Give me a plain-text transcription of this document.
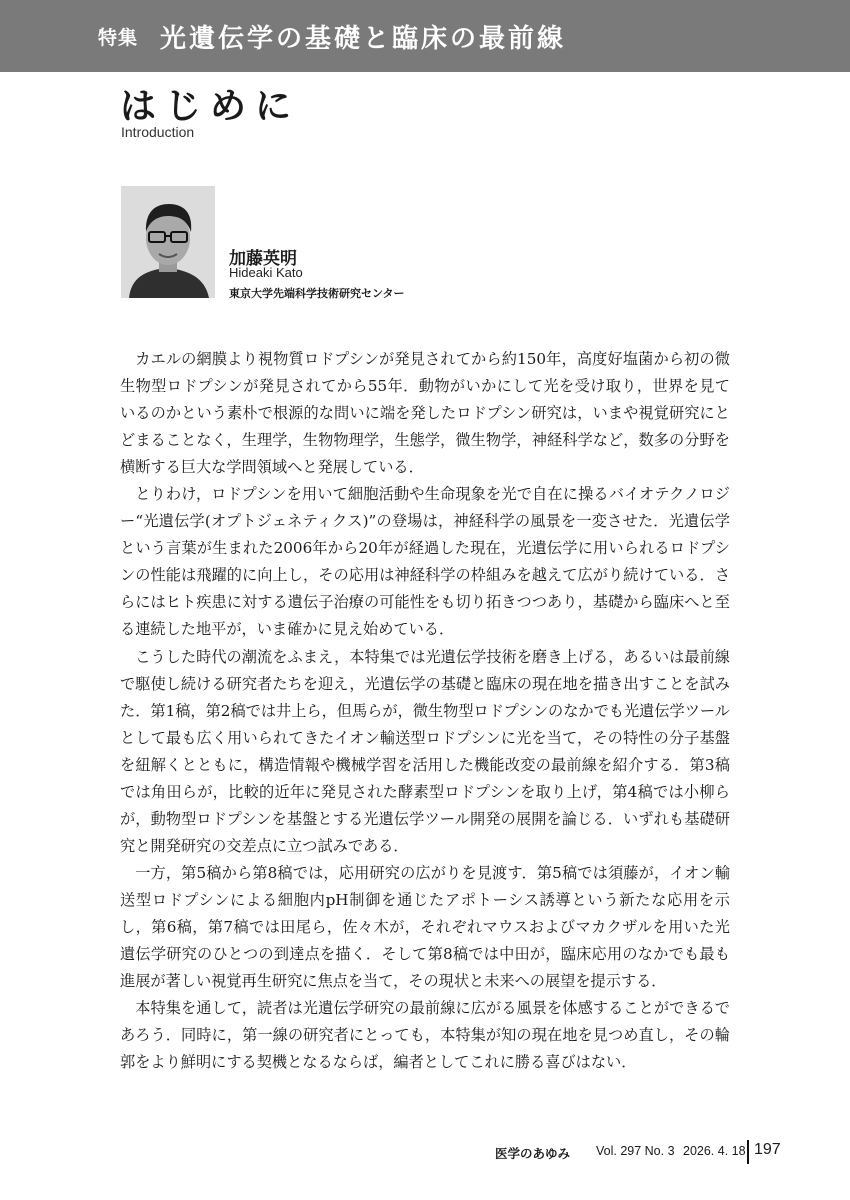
特集 光遺伝学の基礎と臨床の最前線
はじめに
Introduction
加藤英明
Hideaki Kato
東京大学先端科学技術研究センター

カエルの網膜より視物質ロドプシンが発見されてから約150年，高度好塩菌から初の微生物型ロドプシンが発見されてから55年．動物がいかにして光を受け取り，世界を見ているのかという素朴で根源的な問いに端を発したロドプシン研究は，いまや視覚研究にとどまることなく，生理学，生物物理学，生態学，微生物学，神経科学など，数多の分野を横断する巨大な学問領域へと発展している．

とりわけ，ロドプシンを用いて細胞活動や生命現象を光で自在に操るバイオテクノロジー“光遺伝学(オプトジェネティクス)”の登場は，神経科学の風景を一変させた．光遺伝学という言葉が生まれた2006年から20年が経過した現在，光遺伝学に用いられるロドプシンの性能は飛躍的に向上し，その応用は神経科学の枠組みを越えて広がり続けている．さらにはヒト疾患に対する遺伝子治療の可能性をも切り拓きつつあり，基礎から臨床へと至る連続した地平が，いま確かに見え始めている．

こうした時代の潮流をふまえ，本特集では光遺伝学技術を磨き上げる，あるいは最前線で駆使し続ける研究者たちを迎え，光遺伝学の基礎と臨床の現在地を描き出すことを試みた．第1稿，第2稿では井上ら，但馬らが，微生物型ロドプシンのなかでも光遺伝学ツールとして最も広く用いられてきたイオン輸送型ロドプシンに光を当て，その特性の分子基盤を紐解くとともに，構造情報や機械学習を活用した機能改変の最前線を紹介する．第3稿では角田らが，比較的近年に発見された酵素型ロドプシンを取り上げ，第4稿では小柳らが，動物型ロドプシンを基盤とする光遺伝学ツール開発の展開を論じる．いずれも基礎研究と開発研究の交差点に立つ試みである．

一方，第5稿から第8稿では，応用研究の広がりを見渡す．第5稿では須藤が，イオン輸送型ロドプシンによる細胞内pH制御を通じたアポトーシス誘導という新たな応用を示し，第6稿，第7稿では田尾ら，佐々木が，それぞれマウスおよびマカクザルを用いた光遺伝学研究のひとつの到達点を描く．そして第8稿では中田が，臨床応用のなかでも最も進展が著しい視覚再生研究に焦点を当て，その現状と未来への展望を提示する．

本特集を通して，読者は光遺伝学研究の最前線に広がる風景を体感することができるであろう．同時に，第一線の研究者にとっても，本特集が知の現在地を見つめ直し，その輪郭をより鮮明にする契機となるならば，編者としてこれに勝る喜びはない．

医学のあゆみ Vol. 297 No. 3 2026. 4. 18 197
